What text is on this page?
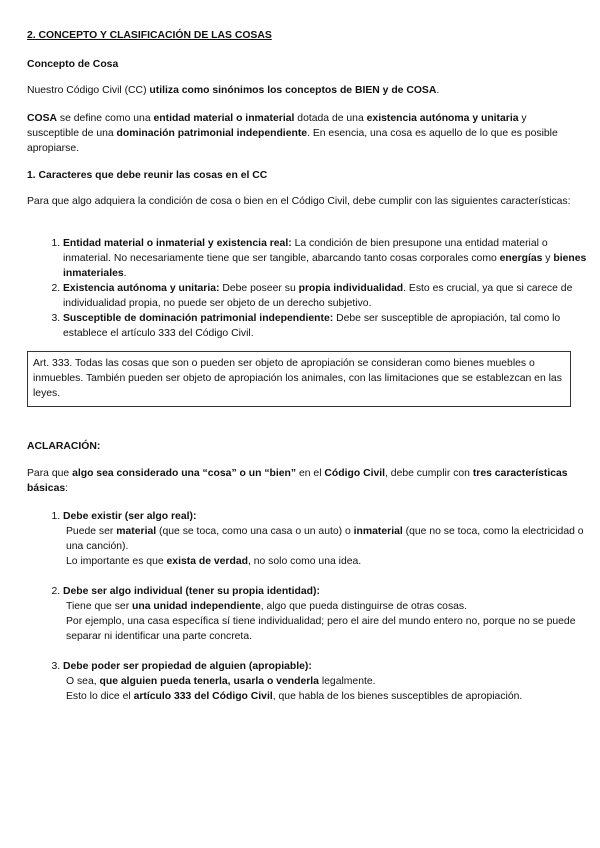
2. CONCEPTO Y CLASIFICACIÓN DE LAS COSAS

Concepto de Cosa

Nuestro Código Civil (CC) utiliza como sinónimos los conceptos de BIEN y de COSA.

COSA se define como una entidad material o inmaterial dotada de una existencia autónoma y unitaria y susceptible de una dominación patrimonial independiente. En esencia, una cosa es aquello de lo que es posible apropiarse.

1. Caracteres que debe reunir las cosas en el CC

Para que algo adquiera la condición de cosa o bien en el Código Civil, debe cumplir con las siguientes características:

1. Entidad material o inmaterial y existencia real: La condición de bien presupone una entidad material o inmaterial. No necesariamente tiene que ser tangible, abarcando tanto cosas corporales como energías y bienes inmateriales.
2. Existencia autónoma y unitaria: Debe poseer su propia individualidad. Esto es crucial, ya que si carece de individualidad propia, no puede ser objeto de un derecho subjetivo.
3. Susceptible de dominación patrimonial independiente: Debe ser susceptible de apropiación, tal como lo establece el artículo 333 del Código Civil.

Art. 333. Todas las cosas que son o pueden ser objeto de apropiación se consideran como bienes muebles o inmuebles. También pueden ser objeto de apropiación los animales, con las limitaciones que se establezcan en las leyes.

ACLARACIÓN:

Para que algo sea considerado una “cosa” o un “bien” en el Código Civil, debe cumplir con tres características básicas:

1. Debe existir (ser algo real):
Puede ser material (que se toca, como una casa o un auto) o inmaterial (que no se toca, como la electricidad o una canción).
Lo importante es que exista de verdad, no solo como una idea.
2. Debe ser algo individual (tener su propia identidad):
Tiene que ser una unidad independiente, algo que pueda distinguirse de otras cosas.
Por ejemplo, una casa específica sí tiene individualidad; pero el aire del mundo entero no, porque no se puede separar ni identificar una parte concreta.
3. Debe poder ser propiedad de alguien (apropiable):
O sea, que alguien pueda tenerla, usarla o venderla legalmente.
Esto lo dice el artículo 333 del Código Civil, que habla de los bienes susceptibles de apropiación.
